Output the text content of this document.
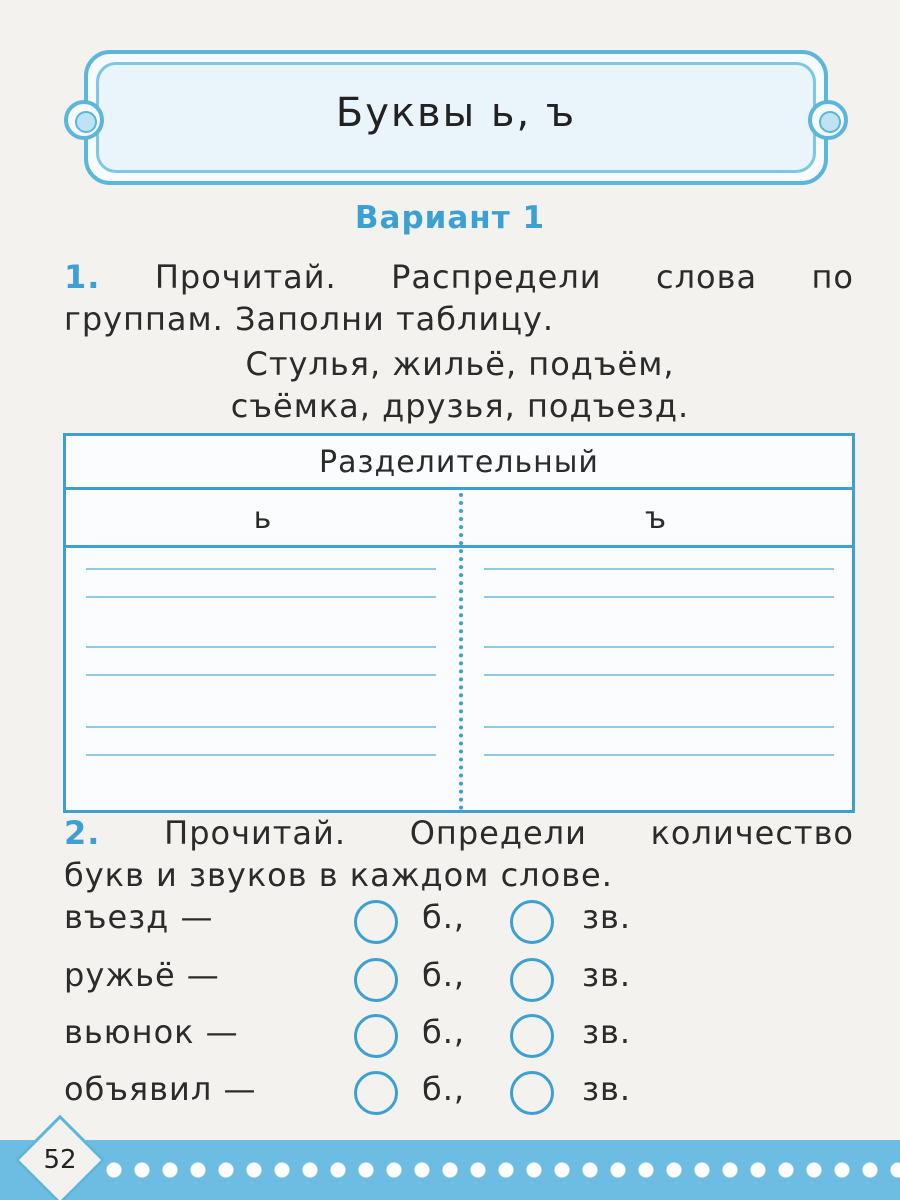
Буквы ь, ъ
Вариант 1
1. Прочитай. Распредели слова по
группам. Заполни таблицу.
Стулья, жильё, подъём,
съёмка, друзья, подъезд.
Разделительный
ь	ъ
2. Прочитай. Определи количество
букв и звуков в каждом слове.
въезд —	б.,	зв.
ружьё —	б.,	зв.
вьюнок —	б.,	зв.
объявил —	б.,	зв.
52
